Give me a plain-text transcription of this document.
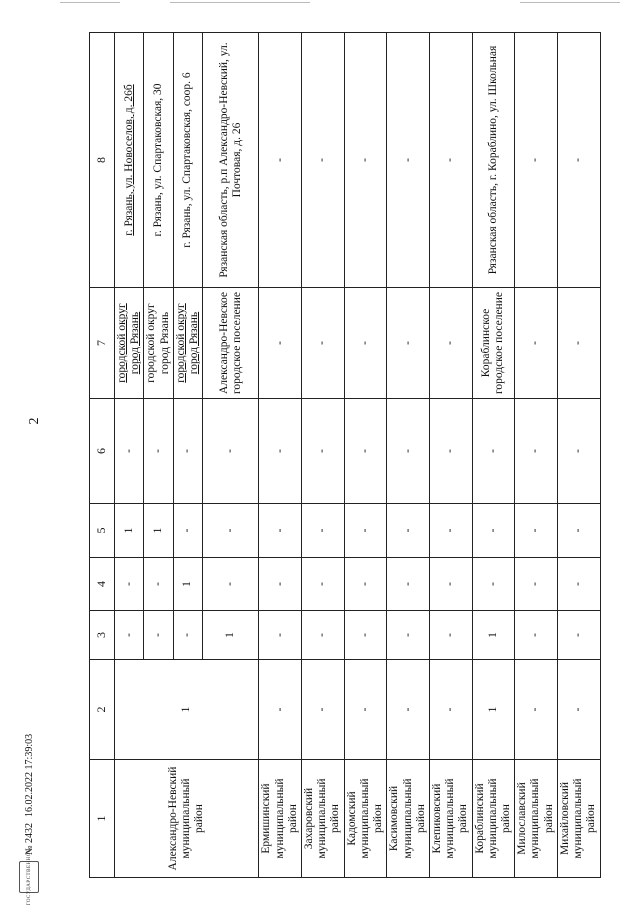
2
1	2	3	4	5	6	7	8
Александро-Невский муниципальный район	1	-	-	1	-	городской округ город Рязань	г. Рязань, ул. Новоселов, д. 26б
		-	-	1	-	городской округ город Рязань	г. Рязань, ул. Спартаковская, 30
		-	1	-	-	городской округ город Рязань	г. Рязань, ул. Спартаковская, соор. 6
		1	-	-	-	Александро-Невское городское поселение	Рязанская область, р.п Александро-Невский, ул. Почтовая, д. 26
Ермишинский муниципальный район	-	-	-	-	-	-	-
Захаровский муниципальный район	-	-	-	-	-	-	-
Кадомский муниципальный район	-	-	-	-	-	-	-
Касимовский муниципальный район	-	-	-	-	-	-	-
Клепиковский муниципальный район	-	-	-	-	-	-	-
Кораблинский муниципальный район	1	1	-	-	-	Кораблинское городское поселение	Рязанская область, г. Кораблино, ул. Школьная
Милославский муниципальный район	-	-	-	-	-	-	-
Михайловский муниципальный район	-	-	-	-	-	-	-
ГОСУДАРСТВЕННОЕ
№ 2432
16.02.2022 17:39:03
